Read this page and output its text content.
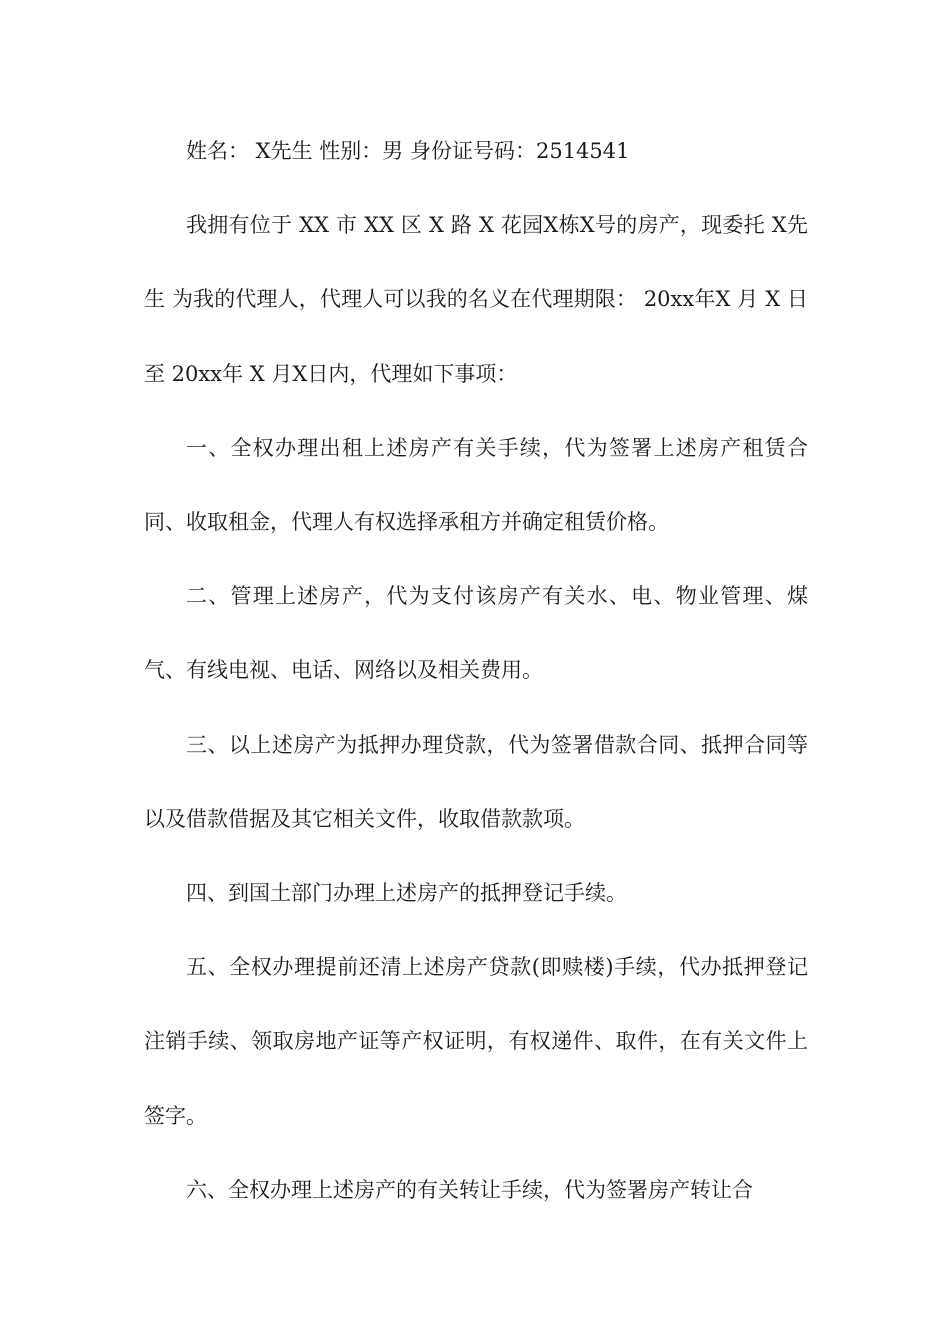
姓名： X先生 性别：男 身份证号码：2514541

我拥有位于 XX 市 XX 区 X 路 X 花园X栋X号的房产，现委托 X先生 为我的代理人，代理人可以我的名义在代理期限： 20xx年X 月 X 日至 20xx年 X 月X日内，代理如下事项：

一、全权办理出租上述房产有关手续，代为签署上述房产租赁合同、收取租金，代理人有权选择承租方并确定租赁价格。

二、管理上述房产，代为支付该房产有关水、电、物业管理、煤气、有线电视、电话、网络以及相关费用。

三、以上述房产为抵押办理贷款，代为签署借款合同、抵押合同等以及借款借据及其它相关文件，收取借款款项。

四、到国土部门办理上述房产的抵押登记手续。

五、全权办理提前还清上述房产贷款(即赎楼)手续，代办抵押登记注销手续、领取房地产证等产权证明，有权递件、取件，在有关文件上签字。

六、全权办理上述房产的有关转让手续，代为签署房产转让合
